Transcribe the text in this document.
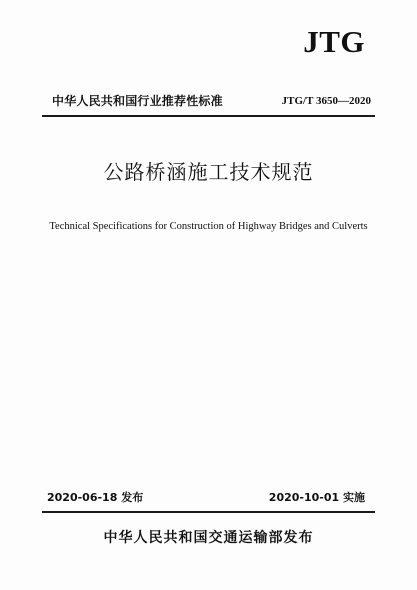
JTG
中华人民共和国行业推荐性标准	JTG/T 3650—2020
公路桥涵施工技术规范
Technical Specifications for Construction of Highway Bridges and Culverts
2020-06-18 发布	2020-10-01 实施
中华人民共和国交通运输部发布
